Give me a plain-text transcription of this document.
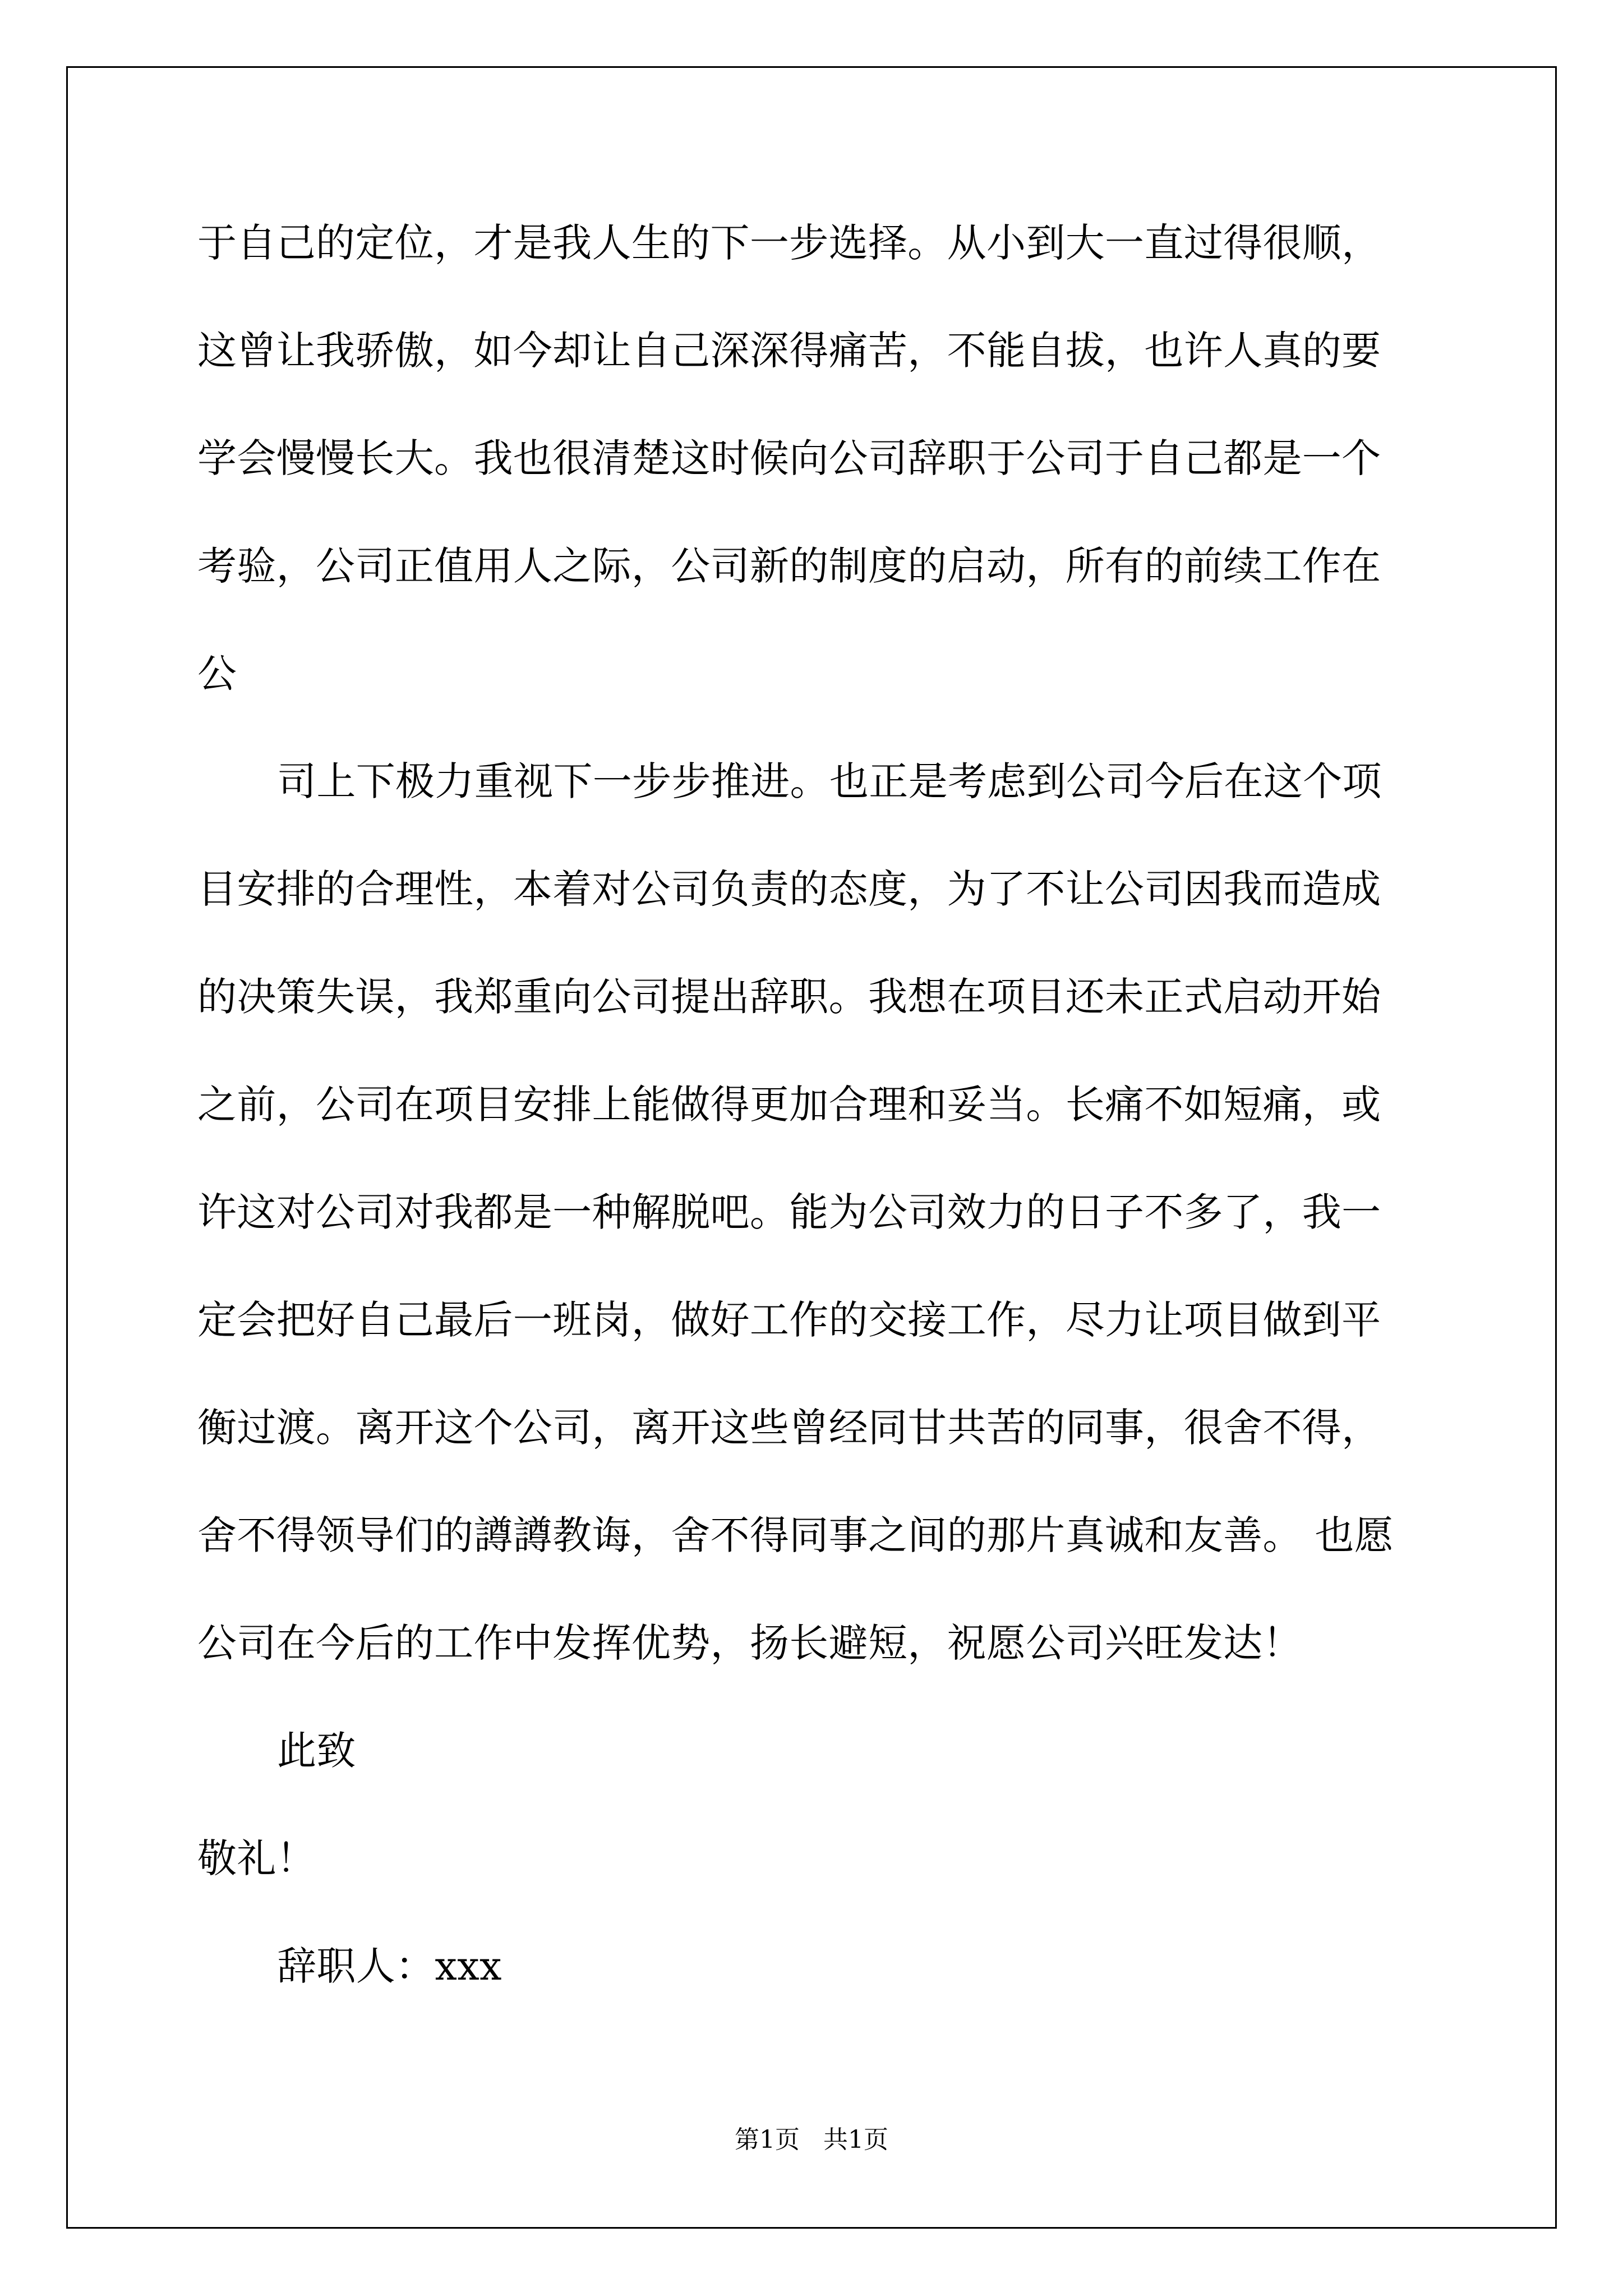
于自己的定位，才是我人生的下一步选择。从小到大一直过得很顺，
这曾让我骄傲，如今却让自己深深得痛苦，不能自拔，也许人真的要
学会慢慢长大。我也很清楚这时候向公司辞职于公司于自己都是一个
考验，公司正值用人之际，公司新的制度的启动，所有的前续工作在
公
司上下极力重视下一步步推进。也正是考虑到公司今后在这个项
目安排的合理性，本着对公司负责的态度，为了不让公司因我而造成
的决策失误，我郑重向公司提出辞职。我想在项目还未正式启动开始
之前，公司在项目安排上能做得更加合理和妥当。长痛不如短痛，或
许这对公司对我都是一种解脱吧。能为公司效力的日子不多了，我一
定会把好自己最后一班岗，做好工作的交接工作，尽力让项目做到平
衡过渡。离开这个公司，离开这些曾经同甘共苦的同事，很舍不得，
舍不得领导们的譐譐教诲，舍不得同事之间的那片真诚和友善。 也愿
公司在今后的工作中发挥优势，扬长避短，祝愿公司兴旺发达！
此致
敬礼！
辞职人：xxx
第1页   共1页
